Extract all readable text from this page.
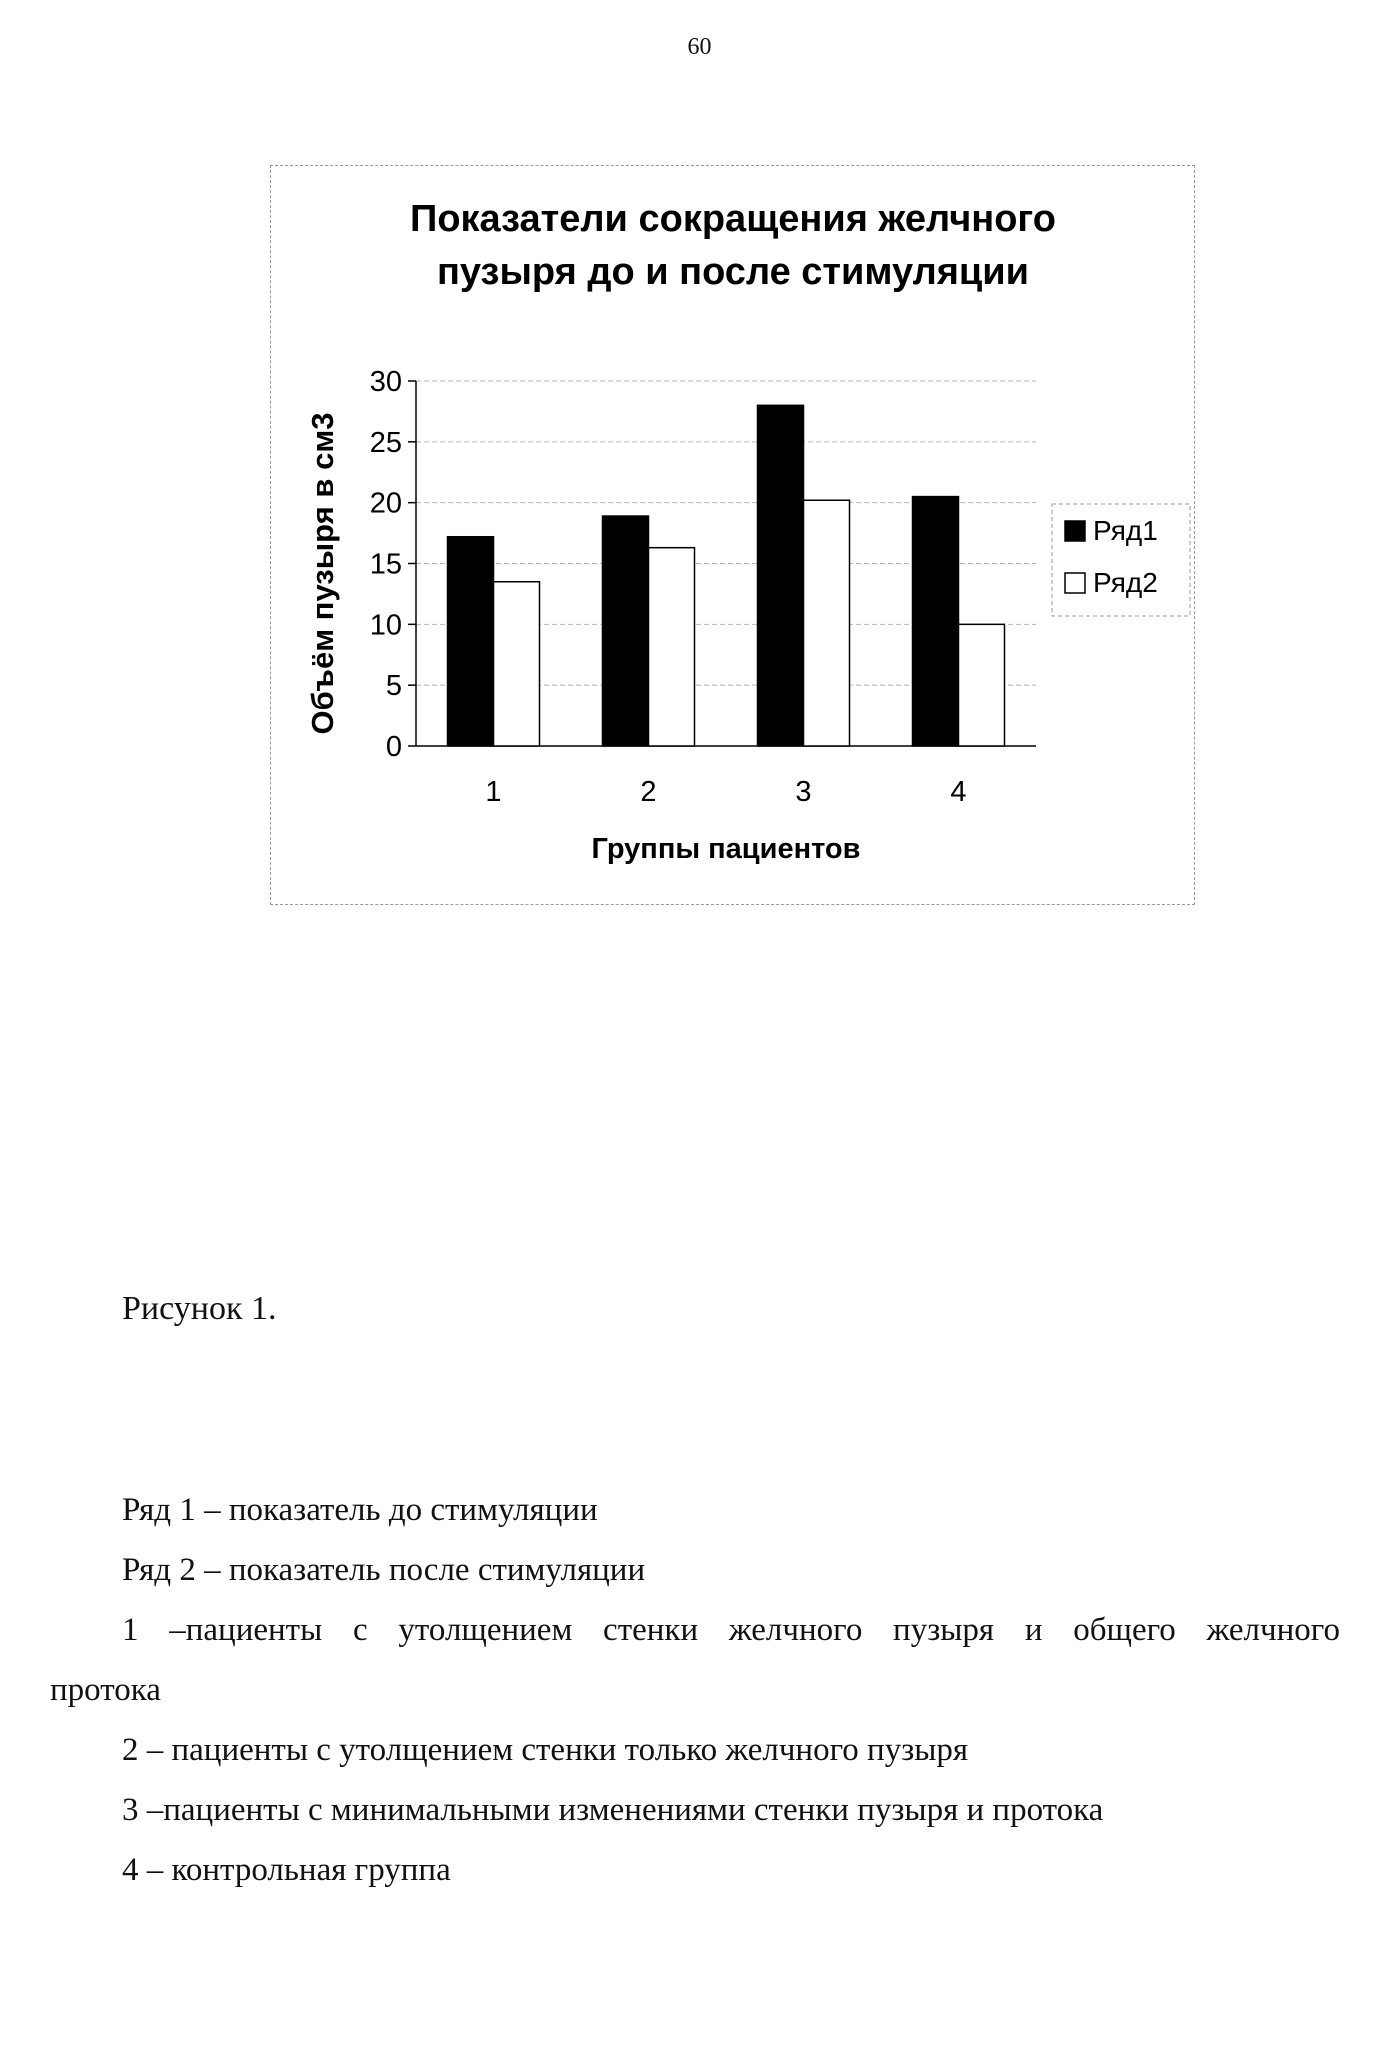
60
Показатели сокращения желчного
пузыря до и после стимуляции
0
5
10
15
20
25
30
1	2	3	4
Группы пациентов
Объём пузыря в см3	Ряд1
Ряд2
Рисунок 1.

Ряд 1 – показатель до стимуляции

Ряд 2 – показатель после стимуляции

1 –пациенты с утолщением стенки желчного пузыря и общего желчного

протока

2 – пациенты с утолщением стенки только желчного пузыря

3 –пациенты с минимальными изменениями стенки пузыря и протока

4 – контрольная группа
